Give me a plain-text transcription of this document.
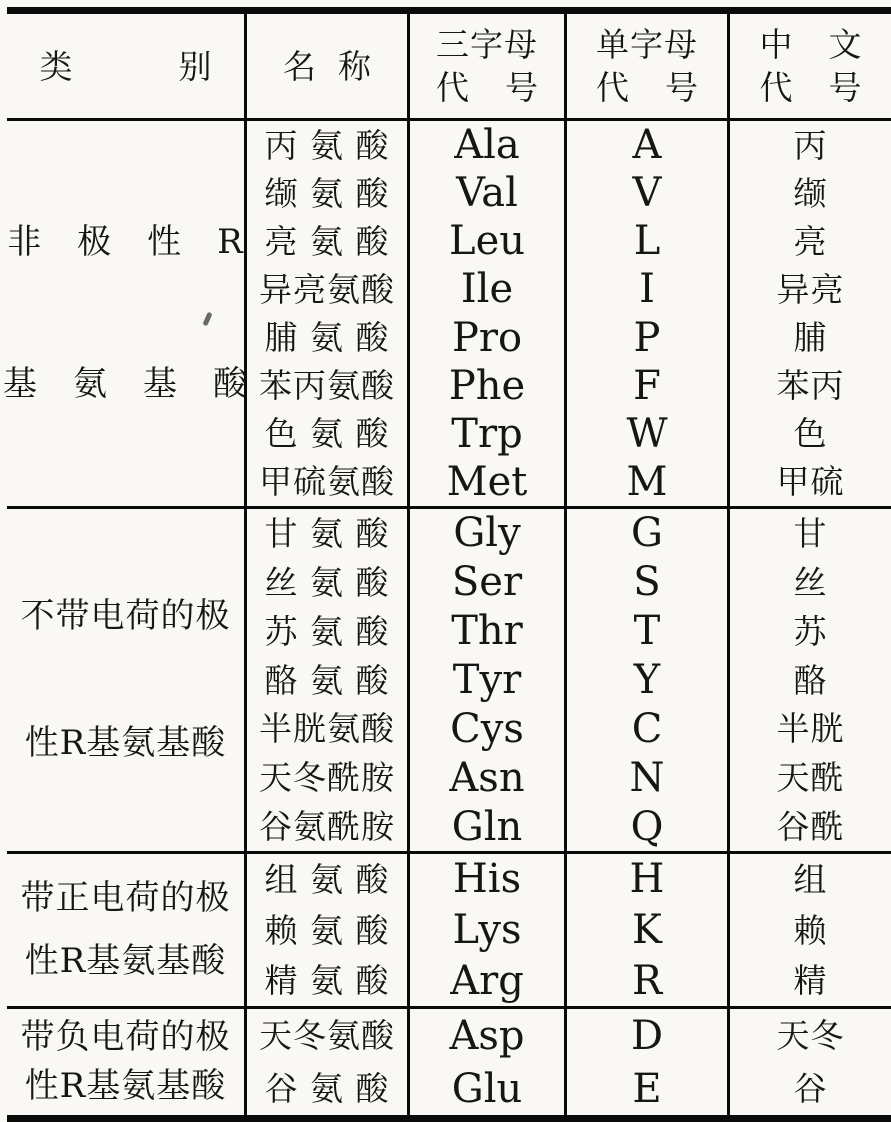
类别 名称
三字母
代号
单字母
代号
中文
代号
非　极　性　R
基　氨　基　酸
丙 氨 酸
缬 氨 酸
亮 氨 酸
异亮氨酸
脯 氨 酸
苯丙氨酸
色 氨 酸
甲硫氨酸
Ala
Val
Leu
Ile
Pro
Phe
Trp
Met
A
V
L
I
P
F
W
M
丙
缬
亮
异亮
脯
苯丙
色
甲硫
不带电荷的极
性R基氨基酸
甘 氨 酸
丝 氨 酸
苏 氨 酸
酪 氨 酸
半胱氨酸
天冬酰胺
谷氨酰胺
Gly
Ser
Thr
Tyr
Cys
Asn
Gln
G
S
T
Y
C
N
Q
甘
丝
苏
酪
半胱
天酰
谷酰
带正电荷的极
性R基氨基酸
组 氨 酸
赖 氨 酸
精 氨 酸
His
Lys
Arg
H
K
R
组
赖
精
带负电荷的极
性R基氨基酸
天冬氨酸
谷 氨 酸
Asp
Glu
D
E
天冬
谷
